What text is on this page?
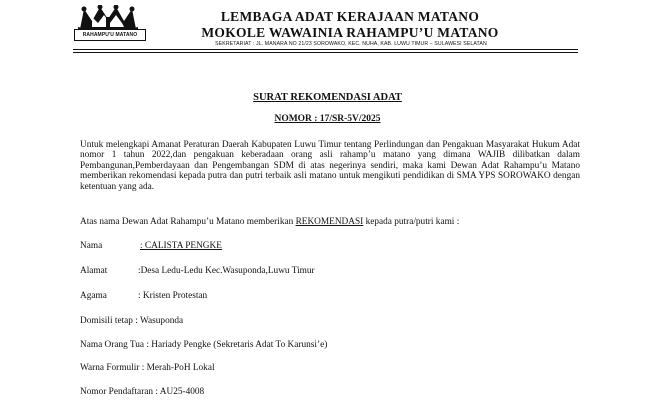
RAHAMPU'U MATANO
LEMBAGA ADAT KERAJAAN MATANO
MOKOLE WAWAINIA RAHAMPU’U MATANO
SEKRETARIAT : JL. MANARA NO 21/23 SOROWAKO, KEC. NUHA, KAB. LUWU TIMUR – SULAWESI SELATAN
SURAT REKOMENDASI ADAT
NOMOR : 17/SR-5V/2025
Untuk melengkapi Amanat Peraturan Daerah Kabupaten Luwu Timur tentang Perlindungan dan Pengakuan Masyarakat Hukum Adat nomor 1 tahun 2022,dan pengakuan keberadaan orang asli rahamp’u matano yang dimana WAJIB dilibatkan dalam Pembangunan,Pemberdayaan dan Pengembangan SDM di atas negerinya sendiri, maka kami Dewan Adat Rahampu’u Matano memberikan rekomendasi kepada putra dan putri terbaik asli matano untuk mengikuti pendidikan di SMA YPS SOROWAKO dengan ketentuan yang ada.
Atas nama Dewan Adat Rahampu’u Matano memberikan REKOMENDASI kepada putra/putri kami :
Nama	: CALISTA PENGKE
Alamat	:Desa Ledu-Ledu Kec.Wasuponda,Luwu Timur
Agama	: Kristen Protestan
Domisili tetap : Wasuponda
Nama Orang Tua : Hariady Pengke (Sekretaris Adat To Karunsi’e)
Warna Formulir : Merah-PoH Lokal
Nomor Pendaftaran : AU25-4008
